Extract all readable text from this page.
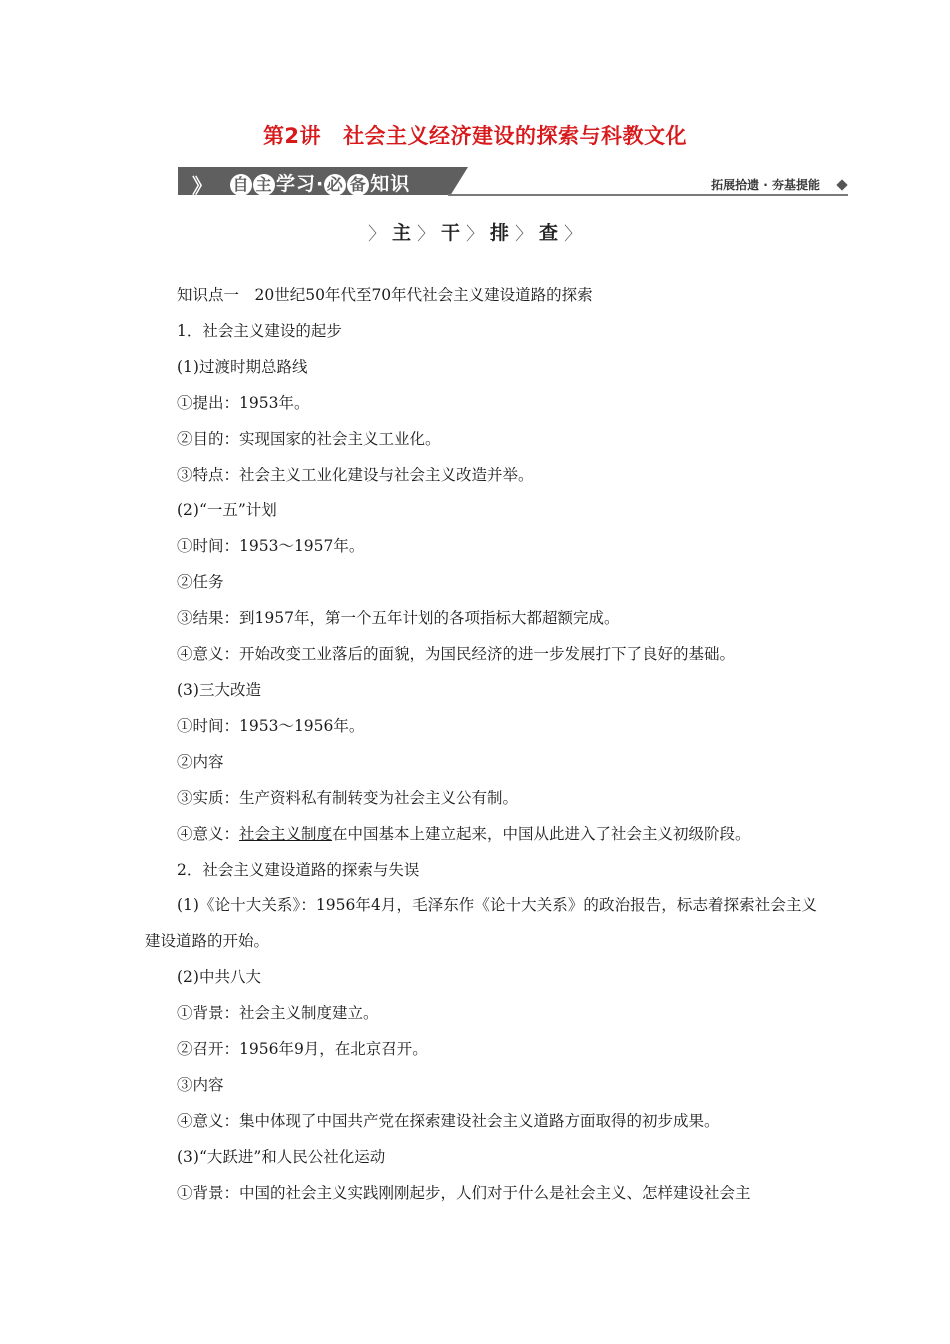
第2讲 社会主义经济建设的探索与科教文化
》 自 主 学习· 必 备 知识	拓展拾遗 · 夯基提能
〉 主 〉 干 〉 排 〉 查 〉
知识点一　20世纪50年代至70年代社会主义建设道路的探索
1．社会主义建设的起步
(1)过渡时期总路线
①提出：1953年。
②目的：实现国家的社会主义工业化。
③特点：社会主义工业化建设与社会主义改造并举。
(2)“一五”计划
①时间：1953～1957年。
②任务
③结果：到1957年，第一个五年计划的各项指标大都超额完成。
④意义：开始改变工业落后的面貌，为国民经济的进一步发展打下了良好的基础。
(3)三大改造
①时间：1953～1956年。
②内容
③实质：生产资料私有制转变为社会主义公有制。
④意义：社会主义制度在中国基本上建立起来，中国从此进入了社会主义初级阶段。
2．社会主义建设道路的探索与失误
(1)《论十大关系》：1956年4月，毛泽东作《论十大关系》的政治报告，标志着探索社会主义建设道路的开始。
(2)中共八大
①背景：社会主义制度建立。
②召开：1956年9月，在北京召开。
③内容
④意义：集中体现了中国共产党在探索建设社会主义道路方面取得的初步成果。
(3)“大跃进”和人民公社化运动
①背景：中国的社会主义实践刚刚起步，人们对于什么是社会主义、怎样建设社会主
